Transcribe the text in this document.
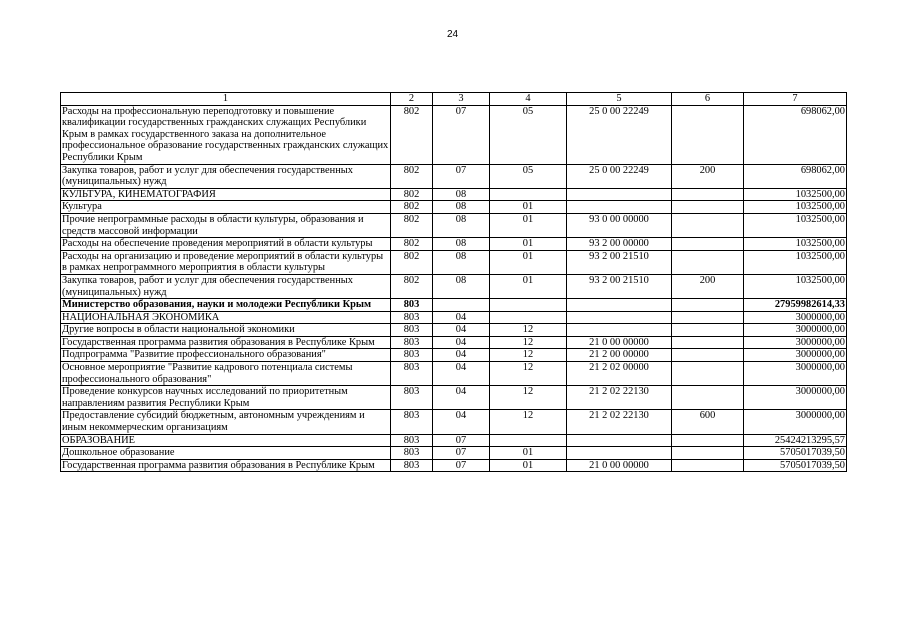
24
1	2	3	4	5	6	7
Расходы на профессиональную переподготовку и повышение квалификации государственных гражданских служащих Республики Крым в рамках государственного заказа на дополнительное профессиональное образование государственных гражданских служащих Республики Крым	802	07	05	25 0 00 22249		698062,00
Закупка товаров, работ и услуг для обеспечения государственных (муниципальных) нужд	802	07	05	25 0 00 22249	200	698062,00
КУЛЬТУРА, КИНЕМАТОГРАФИЯ	802	08				1032500,00
Культура	802	08	01			1032500,00
Прочие непрограммные расходы в области культуры, образования и средств массовой информации	802	08	01	93 0 00 00000		1032500,00
Расходы на обеспечение проведения мероприятий в области культуры	802	08	01	93 2 00 00000		1032500,00
Расходы на организацию и проведение мероприятий в области культуры в рамках непрограммного мероприятия в области культуры	802	08	01	93 2 00 21510		1032500,00
Закупка товаров, работ и услуг для обеспечения государственных (муниципальных) нужд	802	08	01	93 2 00 21510	200	1032500,00
Министерство образования, науки и молодежи Республики Крым	803					27959982614,33
НАЦИОНАЛЬНАЯ ЭКОНОМИКА	803	04				3000000,00
Другие вопросы в области национальной экономики	803	04	12			3000000,00
Государственная программа развития образования в Республике Крым	803	04	12	21 0 00 00000		3000000,00
Подпрограмма "Развитие профессионального образования"	803	04	12	21 2 00 00000		3000000,00
Основное мероприятие "Развитие кадрового потенциала системы профессионального образования"	803	04	12	21 2 02 00000		3000000,00
Проведение конкурсов научных исследований по приоритетным направлениям развития Республики Крым	803	04	12	21 2 02 22130		3000000,00
Предоставление субсидий бюджетным, автономным учреждениям и иным некоммерческим организациям	803	04	12	21 2 02 22130	600	3000000,00
ОБРАЗОВАНИЕ	803	07				25424213295,57
Дошкольное образование	803	07	01			5705017039,50
Государственная программа развития образования в Республике Крым	803	07	01	21 0 00 00000		5705017039,50
